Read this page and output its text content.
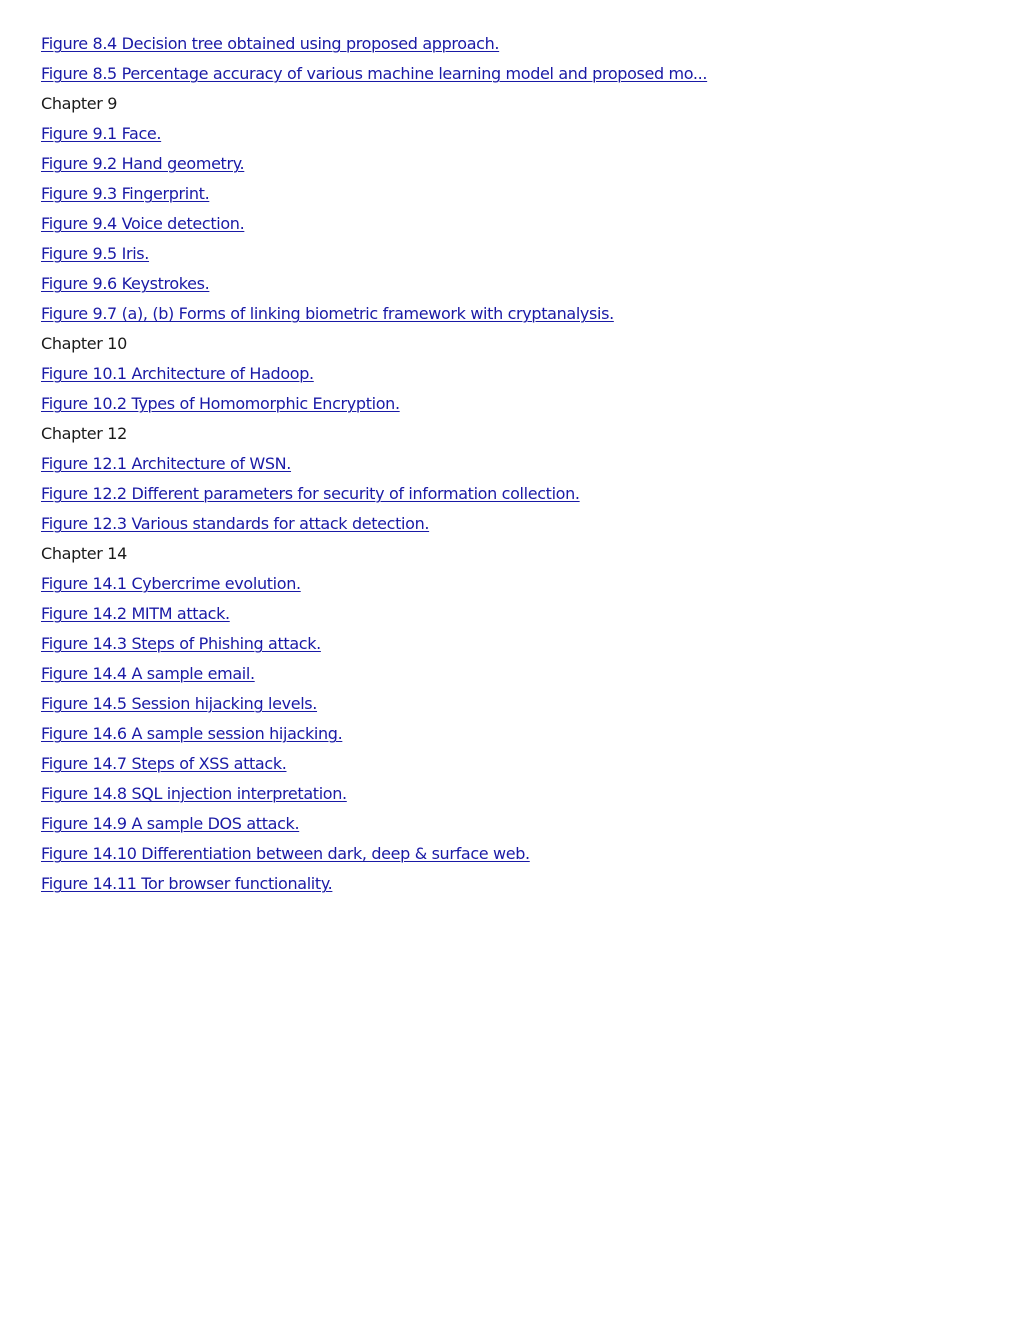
Figure 8.4 Decision tree obtained using proposed approach.
Figure 8.5 Percentage accuracy of various machine learning model and proposed mo...
Chapter 9
Figure 9.1 Face.
Figure 9.2 Hand geometry.
Figure 9.3 Fingerprint.
Figure 9.4 Voice detection.
Figure 9.5 Iris.
Figure 9.6 Keystrokes.
Figure 9.7 (a), (b) Forms of linking biometric framework with cryptanalysis.
Chapter 10
Figure 10.1 Architecture of Hadoop.
Figure 10.2 Types of Homomorphic Encryption.
Chapter 12
Figure 12.1 Architecture of WSN.
Figure 12.2 Different parameters for security of information collection.
Figure 12.3 Various standards for attack detection.
Chapter 14
Figure 14.1 Cybercrime evolution.
Figure 14.2 MITM attack.
Figure 14.3 Steps of Phishing attack.
Figure 14.4 A sample email.
Figure 14.5 Session hijacking levels.
Figure 14.6 A sample session hijacking.
Figure 14.7 Steps of XSS attack.
Figure 14.8 SQL injection interpretation.
Figure 14.9 A sample DOS attack.
Figure 14.10 Differentiation between dark, deep & surface web.
Figure 14.11 Tor browser functionality.
